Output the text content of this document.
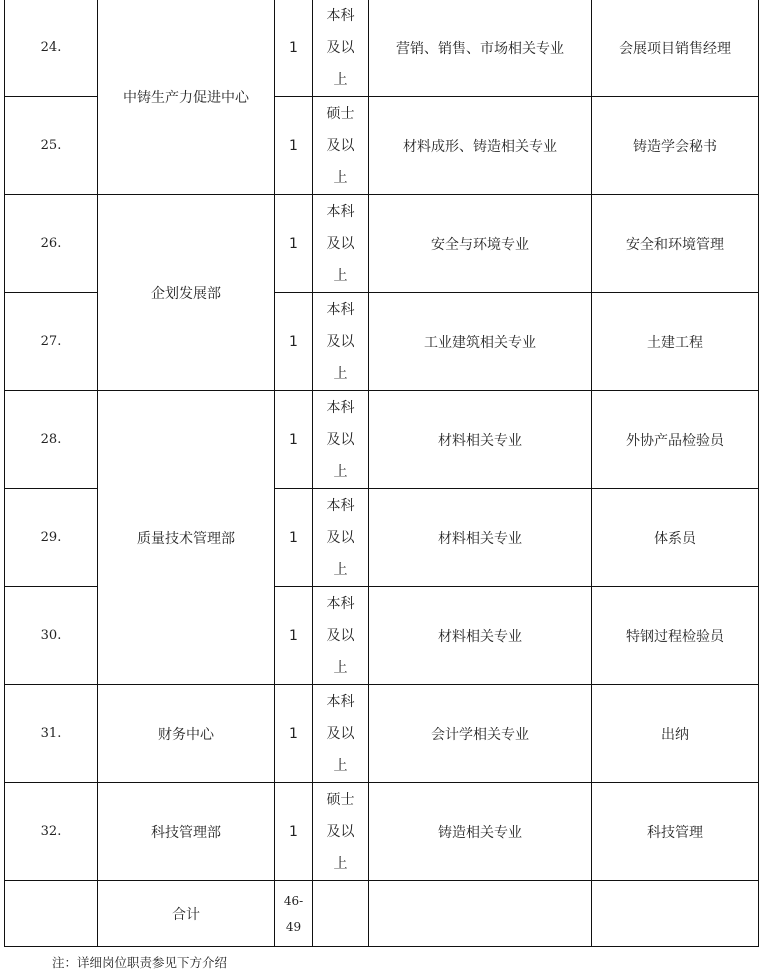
24.	中铸生产力促进中心	1	本科
及以
上	营销、销售、市场相关专业	会展项目销售经理
25.		1	硕士
及以
上	材料成形、铸造相关专业	铸造学会秘书
26.	企划发展部	1	本科
及以
上	安全与环境专业	安全和环境管理
27.		1	本科
及以
上	工业建筑相关专业	土建工程
28.	质量技术管理部	1	本科
及以
上	材料相关专业	外协产品检验员
29.		1	本科
及以
上	材料相关专业	体系员
30.		1	本科
及以
上	材料相关专业	特钢过程检验员
31.	财务中心	1	本科
及以
上	会计学相关专业	出纳
32.	科技管理部	1	硕士
及以
上	铸造相关专业	科技管理
	合计	46-
49			

注：详细岗位职责参见下方介绍
